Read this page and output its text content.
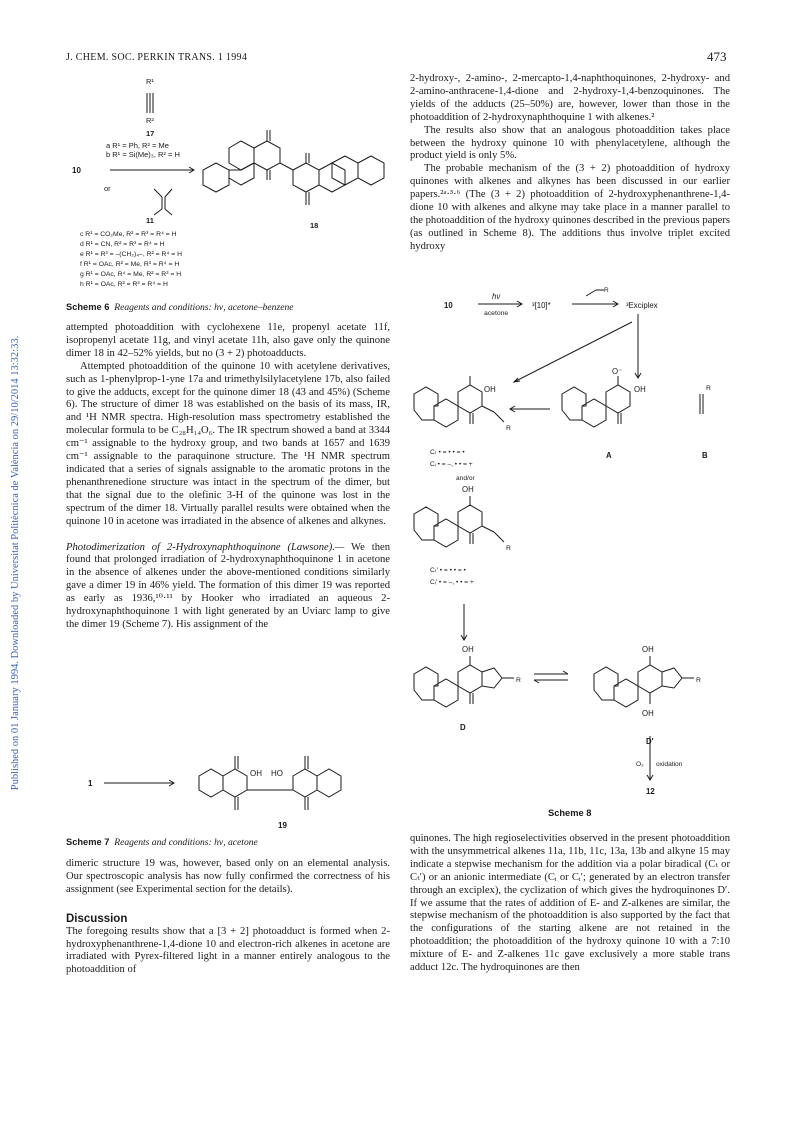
J. CHEM. SOC. PERKIN TRANS. 1 1994	473
Published on 01 January 1994. Downloaded by Universitat Politècnica de València on 29/10/2014 13:32:33.
R¹
R²
17
a R¹ = Ph, R² = Me
b R¹ = Si(Me)₃, R² = H
10
or
11
c R¹ = CO₂Me, R² = R³ = R⁴ = H
d R¹ = CN, R² = R³ = R⁴ = H
e R¹ = R³ = –(CH₂)₄–, R² = R⁴ = H
f R¹ = OAc, R² = Me, R³ = R⁴ = H
g R¹ = OAc, R⁴ = Me, R² = R³ = H
h R¹ = OAc, R² = R³ = R⁴ = H
18
Scheme 6 Reagents and conditions: hν, acetone–benzene

attempted photoaddition with cyclohexene 11e, propenyl acetate 11f, isopropenyl acetate 11g, and vinyl acetate 11h, also gave only the quinone dimer 18 in 42–52% yields, but no (3 + 2) photoadducts.

Attempted photoaddition of the quinone 10 with acetylene derivatives, such as 1-phenylprop-1-yne 17a and trimethylsilylacetylene 17b, also failed to give the adducts, except for the quinone dimer 18 (43 and 45%) (Scheme 6). The structure of dimer 18 was established on the basis of its mass, IR, and ¹H NMR spectra. High-resolution mass spectrometry established the molecular formula to be C₂₈H₁₄O₆. The IR spectrum showed a band at 3344 cm⁻¹ assignable to the hydroxy group, and two bands at 1657 and 1639 cm⁻¹ assignable to the paraquinone structure. The ¹H NMR spectrum indicated that a series of signals assignable to the aromatic protons in the phenanthrenedione structure was intact in the spectrum of the dimer, but that the signal due to the olefinic 3-H of the quinone was lost in the spectrum of the dimer 18. Virtually parallel results were obtained when the quinone 10 in acetone was irradiated in the absence of alkenes and alkynes.

Photodimerization of 2-Hydroxynaphthoquinone (Lawsone).— We then found that prolonged irradiation of 2-hydroxynaphthoquinone 1 in acetone in the absence of alkenes under the above-mentioned conditions similarly gave a dimer 19 in 46% yield. The formation of this dimer 19 was reported as early as 1936,¹⁰·¹¹ by Hooker who irradiated an aqueous 2-hydroxynaphthoquinone 1 with light generated by an Uviarc lamp to give the dimer 19 (Scheme 7). His assignment of the

1
OH HO
19
Scheme 7 Reagents and conditions: hν, acetone

dimeric structure 19 was, however, based only on an elemental analysis. Our spectroscopic analysis has now fully confirmed the correctness of his assignment (see Experimental section for the details).

Discussion

The foregoing results show that a [3 + 2] photoadduct is formed when 2-hydroxyphenanthrene-1,4-dione 10 and electron-rich alkenes in acetone are irradiated with Pyrex-filtered light in a manner entirely analogous to the photoaddition of

2-hydroxy-, 2-amino-, 2-mercapto-1,4-naphthoquinones, 2-hydroxy- and 2-amino-anthracene-1,4-dione and 2-hydroxy-1,4-benzoquinones. The yields of the adducts (25–50%) are, however, lower than those in the photoaddition of 2-hydroxynaphthoquine 1 with alkenes.²

The results also show that an analogous photoaddition takes place between the hydroxy quinone 10 with phenylacetylene, although the product yield is only 5%.

The probable mechanism of the (3 + 2) photoaddition of hydroxy quinones with alkenes and alkynes has been discussed in our earlier papers.²ᵃ·³·⁶ (The (3 + 2) photoaddition of 2-hydroxyphenanthrene-1,4-dione 10 with alkenes and alkyne may take place in a manner parallel to the photoaddition of the hydroxy quinones described in the previous papers (as outlined in Scheme 8). The additions thus involve triplet excited hydroxy

10
hν
acetone
³[10]*
R
³Exciplex
OH
R
O⁻
OH	R
A	B
Cₜ • = • • = •
Cᵢ • = –, • • = +
and/or
OH
R
Cₜ′ • = • • = •
Cᵢ′ • = –, • • = +
OH
R
D
OH
R
OH
D′
O₂ oxidation
12
Scheme 8

quinones. The high regioselectivities observed in the present photoaddition with the unsymmetrical alkenes 11a, 11b, 11c, 13a, 13b and alkyne 15 may indicate a stepwise mechanism for the addition via a polar biradical (Cₜ or Cₜ′) or an anionic intermediate (Cᵢ or Cᵢ′; generated by an electron transfer through an exciplex), the cyclization of which gives the hydroquinones D′. If we assume that the rates of addition of E- and Z-alkenes are similar, the stepwise mechanism of the photoaddition is also supported by the fact that the configurations of the starting alkene are not retained in the photoaddition; the photoaddition of the hydroxy quinone 10 with a 7:10 mixture of E- and Z-alkenes 11c gave exclusively a more stable trans adduct 12c. The hydroquinones are then
